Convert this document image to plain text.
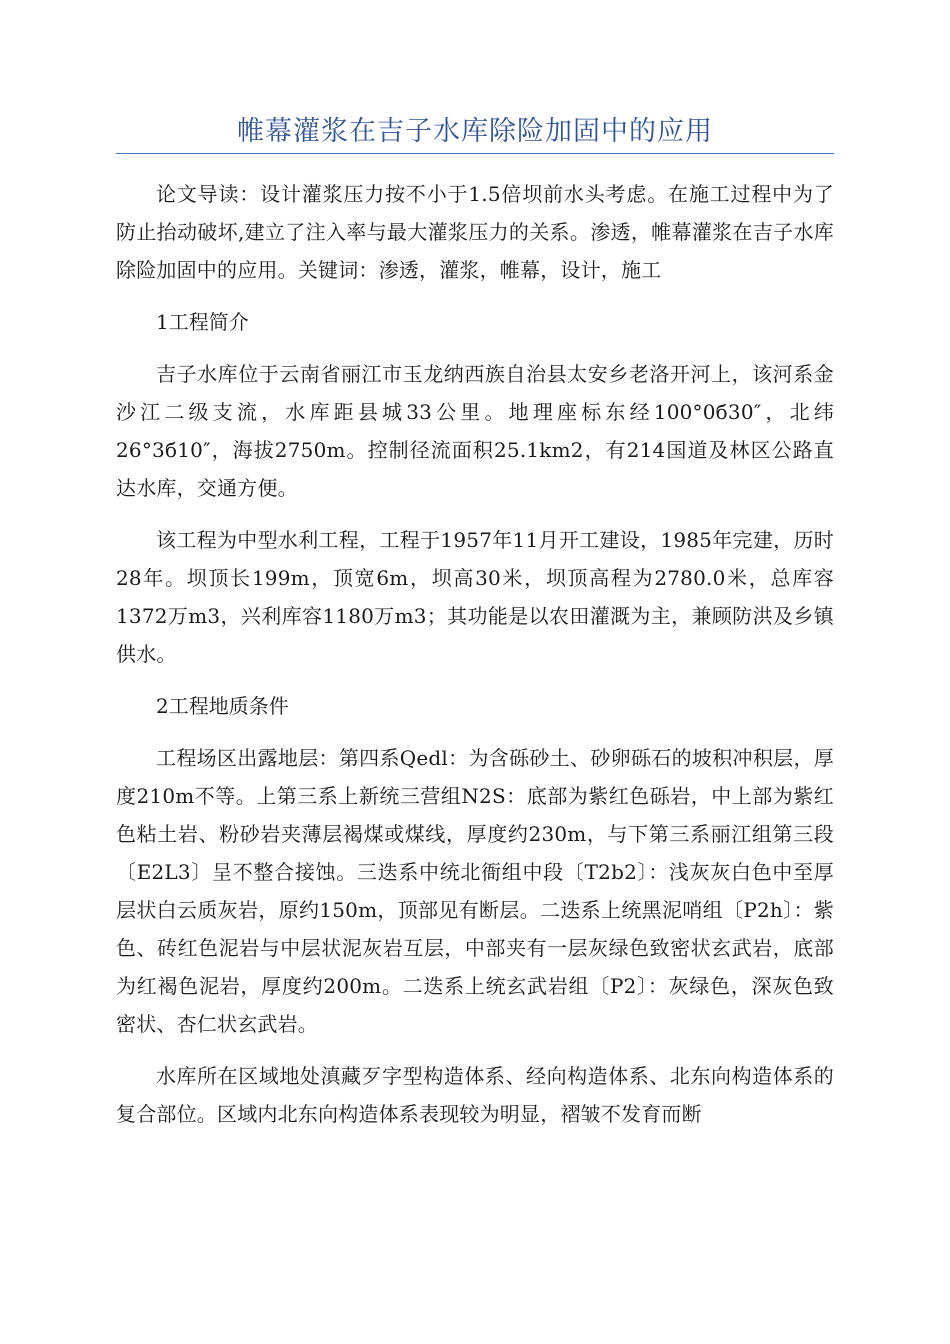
帷幕灌浆在吉子水库除险加固中的应用

论文导读：设计灌浆压力按不小于1.5倍坝前水头考虑。在施工过程中为了防止抬动破坏,建立了注入率与最大灌浆压力的关系。渗透，帷幕灌浆在吉子水库除险加固中的应用。关键词：渗透，灌浆，帷幕，设计，施工

1工程简介

吉子水库位于云南省丽江市玉龙纳西族自治县太安乡老洛开河上，该河系金沙江二级支流，水库距县城33公里。地理座标东经100°0б30″，北纬26°3б10″，海拔2750m。控制径流面积25.1km2，有214国道及林区公路直达水库，交通方便。

该工程为中型水利工程，工程于1957年11月开工建设，1985年完建，历时28年。坝顶长199m，顶宽6m，坝高30米，坝顶高程为2780.0米，总库容1372万m3，兴利库容1180万m3；其功能是以农田灌溉为主，兼顾防洪及乡镇供水。

2工程地质条件

工程场区出露地层：第四系Qedl：为含砾砂土、砂卵砾石的坡积冲积层，厚度210m不等。上第三系上新统三营组N2S：底部为紫红色砾岩，中上部为紫红色粘土岩、粉砂岩夹薄层褐煤或煤线，厚度约230m，与下第三系丽江组第三段〔E2L3〕呈不整合接蚀。三迭系中统北衙组中段〔T2b2〕：浅灰灰白色中至厚层状白云质灰岩，原约150m，顶部见有断层。二迭系上统黑泥哨组〔P2h〕：紫色、砖红色泥岩与中层状泥灰岩互层，中部夹有一层灰绿色致密状玄武岩，底部为红褐色泥岩，厚度约200m。二迭系上统玄武岩组〔P2〕：灰绿色，深灰色致密状、杏仁状玄武岩。

水库所在区域地处滇藏歹字型构造体系、经向构造体系、北东向构造体系的复合部位。区域内北东向构造体系表现较为明显，褶皱不发育而断
